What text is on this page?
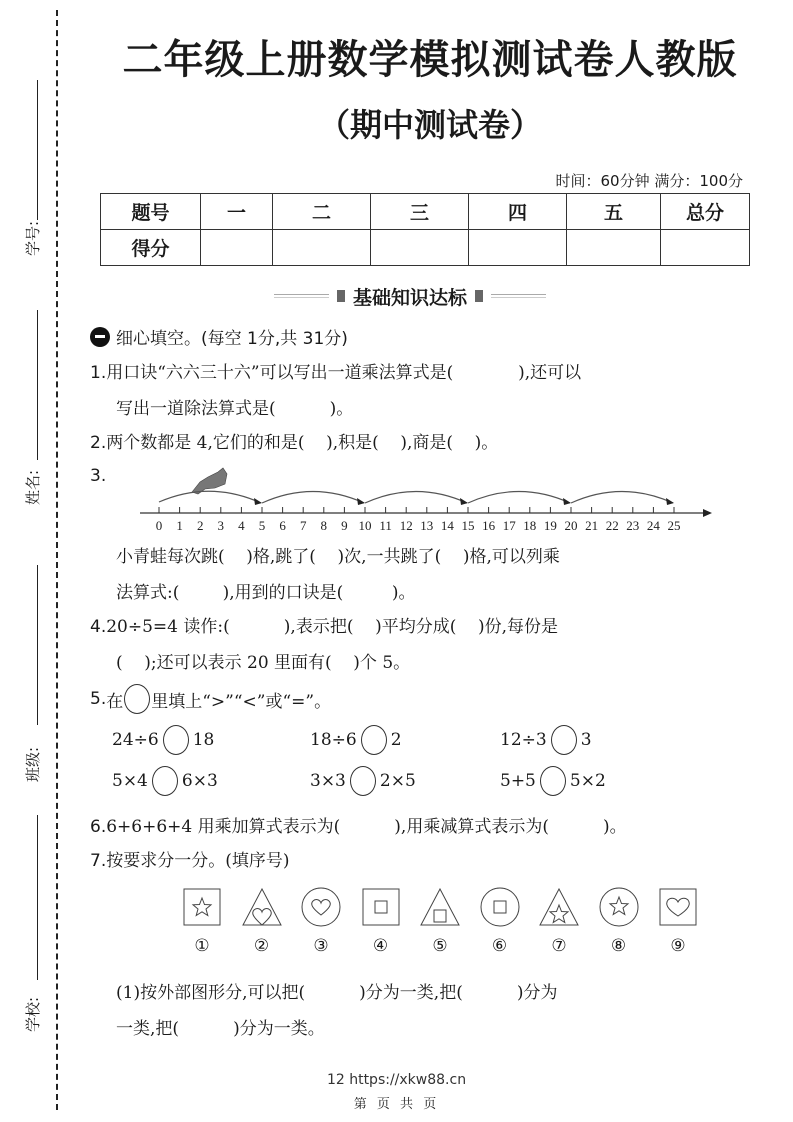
学号:
姓名:
班级:
学校:
二年级上册数学模拟测试卷人教版
（期中测试卷）
时间：60分钟 满分：100分
题号	一	二	三	四	五	总分
得分						
基础知识达标
细心填空。(每空 1分,共 31分)
1.用口诀“六六三十六”可以写出一道乘法算式是(            ),还可以
写出一道除法算式是(          )。
2.两个数都是 4,它们的和是(    ),积是(    ),商是(    )。
3.
0 1 2 3 4 5 6 7 8 9 10 11 12 13 14 15 16 17 18 19 20 21 22 23 24 25
小青蛙每次跳(    )格,跳了(    )次,一共跳了(    )格,可以列乘
法算式:(        ),用到的口诀是(         )。
4.20÷5=4 读作:(          ),表示把(    )平均分成(    )份,每份是
(    );还可以表示 20 里面有(    )个 5。
5. 在 里填上“>”“<”或“=”。
24÷6 18	18÷6 2	12÷3 3
5×4 6×3	3×3 2×5	5+5 5×2
6.6+6+6+4 用乘加算式表示为(          ),用乘减算式表示为(          )。
7.按要求分一分。(填序号)
①	②	③	④	⑤	⑥	⑦	⑧	⑨
(1)按外部图形分,可以把(          )分为一类,把(          )分为
一类,把(          )分为一类。
12 https://xkw88.cn
第 页 共 页
